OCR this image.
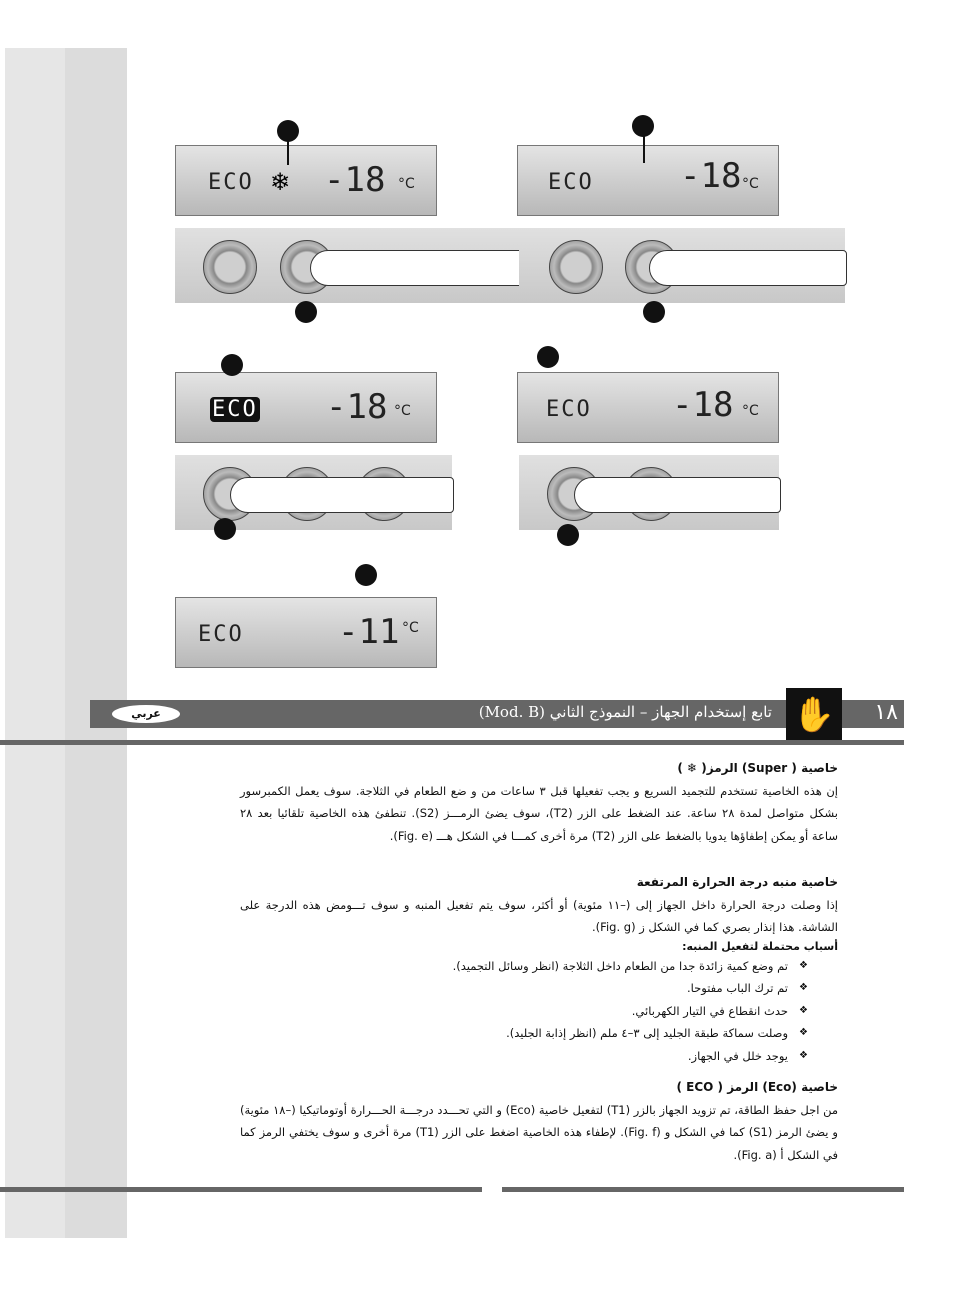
ECO ❄ -18 °C	ECO	-18 °C
ECO -18 °C	ECO -18 °C
ECO	-11 °C
تابع إستخدام الجهاز – النموذج الثاني (Mod. B)	١٨
✋
عربي
خاصية ( Super) الرمز( ❄ )

إن هذه الخاصية تستخدم للتجميد السريع و يجب تفعيلها قبل ٣ ساعات من و ضع الطعام في الثلاجة. سوف يعمل الكمبرسور بشكل متواصل لمدة ٢٨ ساعة. عند الضغط على الزر (T2)، سوف يضئ الرمـــز (S2). تنطفئ هذه الخاصية تلقائيا بعد ٢٨ ساعة أو يمكن إطفاؤها يدويا بالضغط على الزر (T2) مرة أخرى كمـــا في الشكل هـــ (Fig. e).

خاصية منبه درجة الحرارة المرتفعة

إذا وصلت درجة الحرارة داخل الجهاز إلى (–١١ مئوية) أو أكثر، سوف يتم تفعيل المنبه و سوف تـــومض هذه الدرجة على الشاشة. هذا إنذار بصري كما في الشكل ز (Fig. g).

أسباب محتملة لتفعيل المنبه:
❖ تم وضع كمية زائدة جدا من الطعام داخل الثلاجة (انظر وسائل التجميد).
❖ تم ترك الباب مفتوحا.
❖ حدث انقطاع في التيار الكهربائي.
❖ وصلت سماكة طبقة الجليد إلى ٣–٤ ملم (انظر إذابة الجليد).
❖ يوجد خلل في الجهاز.
خاصية (Eco) الرمز ( ECO )

من اجل حفظ الطاقة، تم تزويد الجهاز بالزر (T1) لتفعيل خاصية (Eco) و التي تحـــدد درجـــة الحـــرارة أوتوماتيكيا (–١٨ مئوية) و يضئ الرمز (S1) كما في الشكل و (Fig. f). لإطفاء هذه الخاصية اضغط على الزر (T1) مرة أخرى و سوف يختفي الرمز كما في الشكل أ (Fig. a).
